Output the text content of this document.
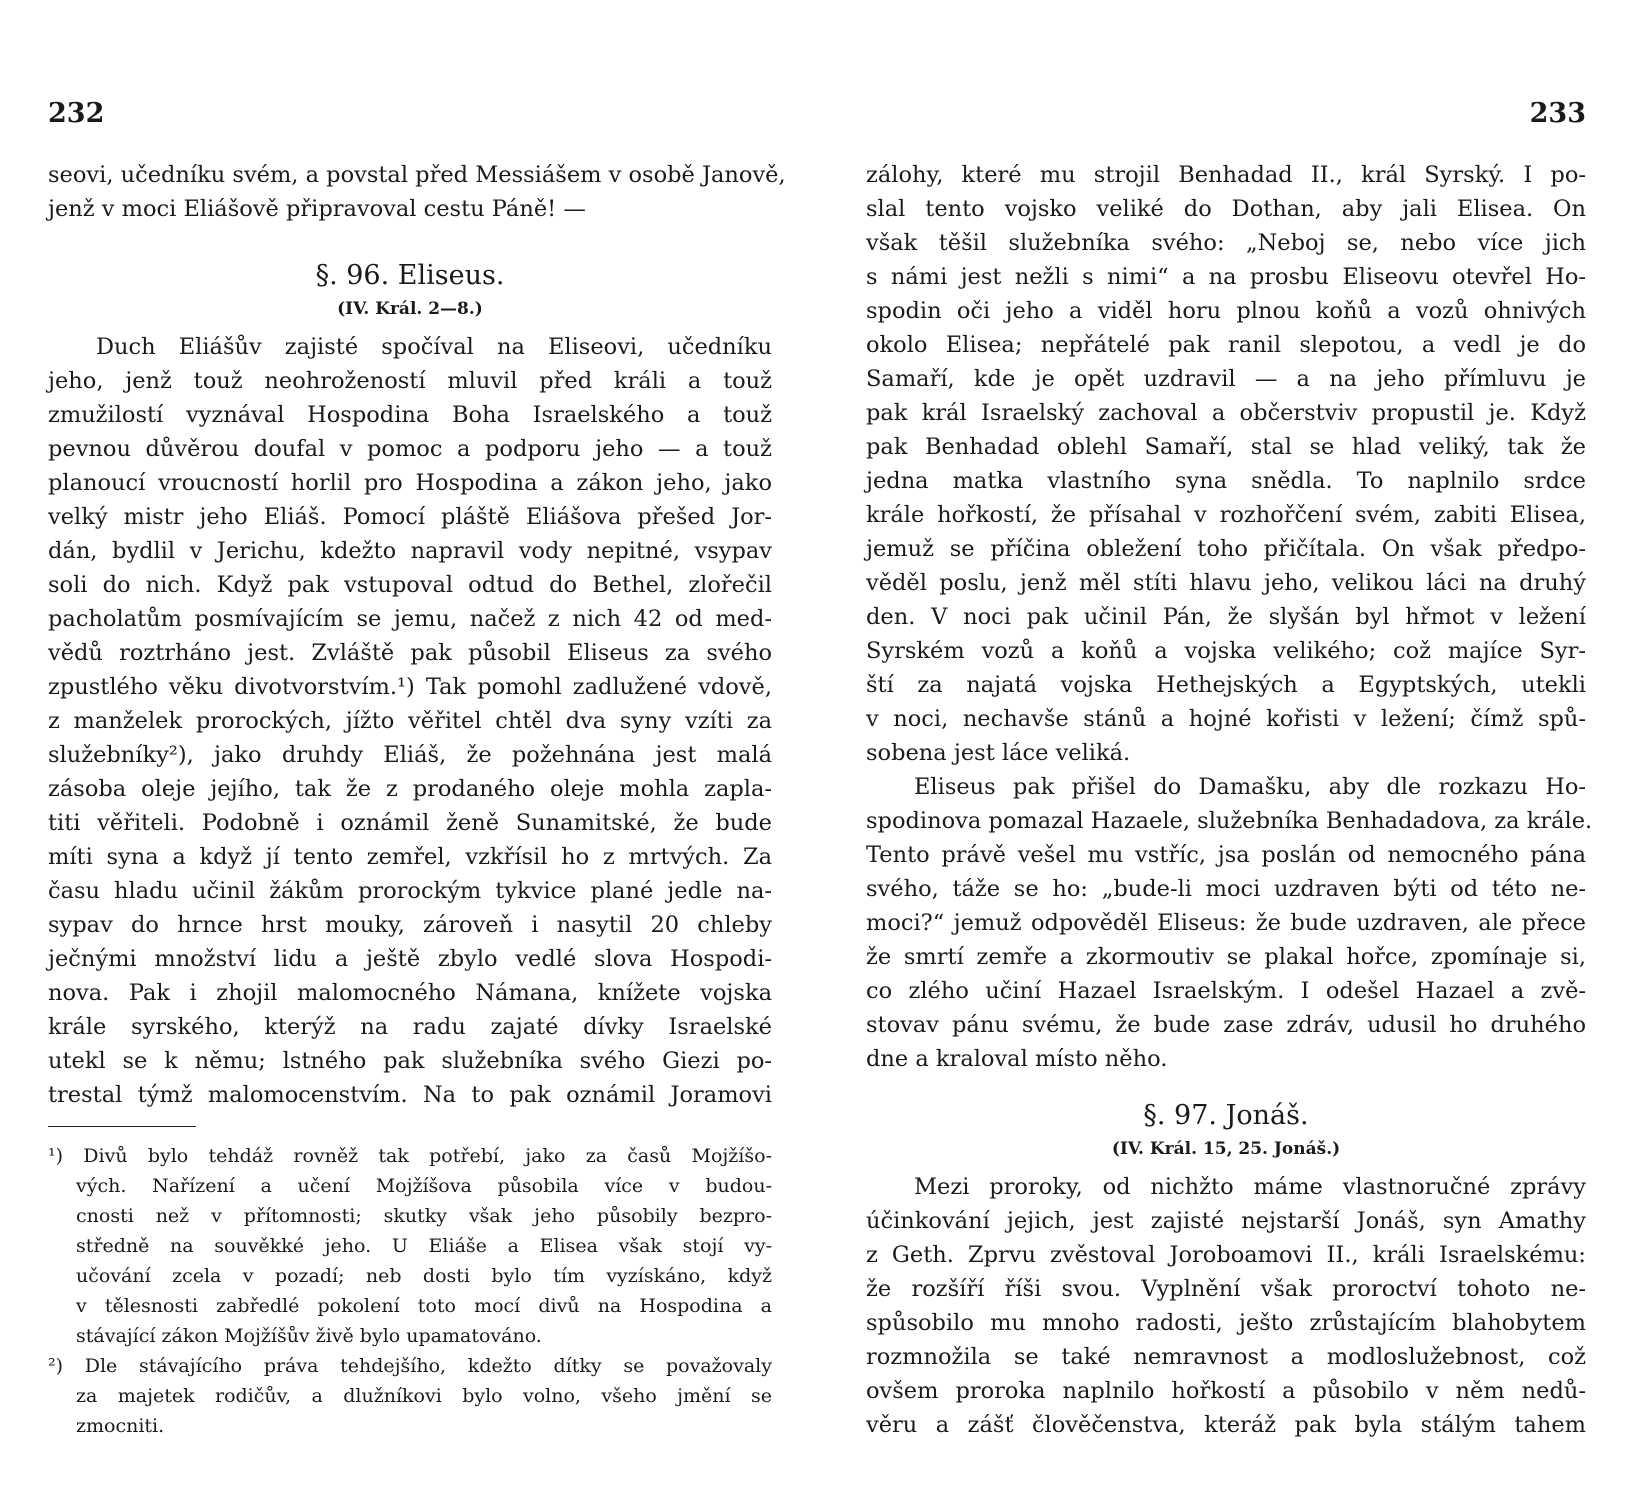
232
seovi, učedníku svém, a povstal před Messiášem v osobě Janově,
jenž v moci Eliášově připravoval cestu Páně! —
§. 96. Eliseus.
(IV. Král. 2—8.)
Duch Eliášův zajisté spočíval na Eliseovi, učedníku
jeho, jenž touž neohrožeností mluvil před králi a touž
zmužilostí vyznával Hospodina Boha Israelského a touž
pevnou důvěrou doufal v pomoc a podporu jeho — a touž
planoucí vroucností horlil pro Hospodina a zákon jeho, jako
velký mistr jeho Eliáš. Pomocí pláště Eliášova přešed Jor-
dán, bydlil v Jerichu, kdežto napravil vody nepitné, vsypav
soli do nich. Když pak vstupoval odtud do Bethel, zlořečil
pacholatům posmívajícím se jemu, načež z nich 42 od med-
vědů roztrháno jest. Zvláště pak působil Eliseus za svého
zpustlého věku divotvorstvím.¹) Tak pomohl zadlužené vdově,
z manželek prorockých, jížto věřitel chtěl dva syny vzíti za
služebníky²), jako druhdy Eliáš, že požehnána jest malá
zásoba oleje jejího, tak že z prodaného oleje mohla zapla-
titi věřiteli. Podobně i oznámil ženě Sunamitské, že bude
míti syna a když jí tento zemřel, vzkřísil ho z mrtvých. Za
času hladu učinil žákům prorockým tykvice plané jedle na-
sypav do hrnce hrst mouky, zároveň i nasytil 20 chleby
ječnými množství lidu a ještě zbylo vedlé slova Hospodi-
nova. Pak i zhojil malomocného Námana, knížete vojska
krále syrského, kterýž na radu zajaté dívky Israelské
utekl se k němu; lstného pak služebníka svého Giezi po-
trestal týmž malomocenstvím. Na to pak oznámil Joramovi
¹) Divů bylo tehdáž rovněž tak potřebí, jako za časů Mojžíšo-
vých. Nařízení a učení Mojžíšova působila více v budou-
cnosti než v přítomnosti; skutky však jeho působily bezpro-
středně na souvěkké jeho. U Eliáše a Elisea však stojí vy-
učování zcela v pozadí; neb dosti bylo tím vyzískáno, když
v tělesnosti zabředlé pokolení toto mocí divů na Hospodina a
stávající zákon Mojžíšův živě bylo upamatováno.
²) Dle stávajícího práva tehdejšího, kdežto dítky se považovaly
za majetek rodičův, a dlužníkovi bylo volno, všeho jmění se
zmocniti.
233
zálohy, které mu strojil Benhadad II., král Syrský. I po-
slal tento vojsko veliké do Dothan, aby jali Elisea. On
však těšil služebníka svého: „Neboj se, nebo více jich
s námi jest nežli s nimi“ a na prosbu Eliseovu otevřel Ho-
spodin oči jeho a viděl horu plnou koňů a vozů ohnivých
okolo Elisea; nepřátelé pak ranil slepotou, a vedl je do
Samaří, kde je opět uzdravil — a na jeho přímluvu je
pak král Israelský zachoval a občerstviv propustil je. Když
pak Benhadad oblehl Samaří, stal se hlad veliký, tak že
jedna matka vlastního syna snědla. To naplnilo srdce
krále hořkostí, že přísahal v rozhořčení svém, zabiti Elisea,
jemuž se příčina obležení toho přičítala. On však předpo-
věděl poslu, jenž měl stíti hlavu jeho, velikou láci na druhý
den. V noci pak učinil Pán, že slyšán byl hřmot v ležení
Syrském vozů a koňů a vojska velikého; což majíce Syr-
ští za najatá vojska Hethejských a Egyptských, utekli
v noci, nechavše stánů a hojné kořisti v ležení; čímž spů-
sobena jest láce veliká.
Eliseus pak přišel do Damašku, aby dle rozkazu Ho-
spodinova pomazal Hazaele, služebníka Benhadadova, za krále.
Tento právě vešel mu vstříc, jsa poslán od nemocného pána
svého, táže se ho: „bude-li moci uzdraven býti od této ne-
moci?“ jemuž odpověděl Eliseus: že bude uzdraven, ale přece
že smrtí zemře a zkormoutiv se plakal hořce, zpomínaje si,
co zlého učiní Hazael Israelským. I odešel Hazael a zvě-
stovav pánu svému, že bude zase zdráv, udusil ho druhého
dne a kraloval místo něho.
§. 97. Jonáš.
(IV. Král. 15, 25. Jonáš.)
Mezi proroky, od nichžto máme vlastnoručné zprávy
účinkování jejich, jest zajisté nejstarší Jonáš, syn Amathy
z Geth. Zprvu zvěstoval Joroboamovi II., králi Israelskému:
že rozšíří říši svou. Vyplnění však proroctví tohoto ne-
spůsobilo mu mnoho radosti, ješto zrůstajícím blahobytem
rozmnožila se také nemravnost a modloslužebnost, což
ovšem proroka naplnilo hořkostí a působilo v něm nedů-
věru a zášť člověčenstva, kteráž pak byla stálým tahem
